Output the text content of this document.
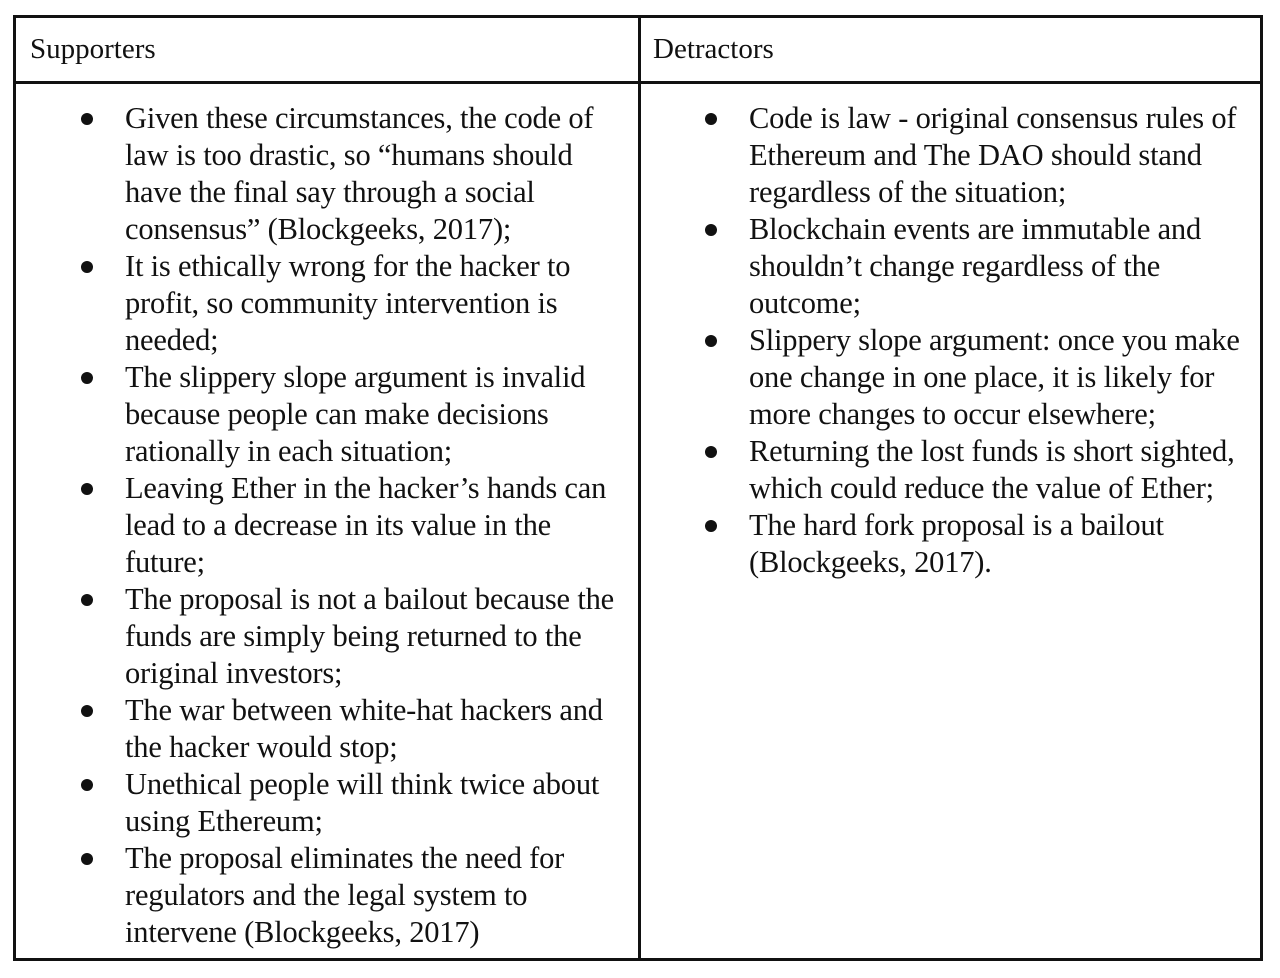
Supporters	Detractors
Given these circumstances, the code of law is too drastic, so “humans should have the final say through a social consensus” (Blockgeeks, 2017);
It is ethically wrong for the hacker to profit, so community intervention is needed;
The slippery slope argument is invalid because people can make decisions rationally in each situation;
Leaving Ether in the hacker’s hands can lead to a decrease in its value in the future;
The proposal is not a bailout because the funds are simply being returned to the original investors;
The war between white-hat hackers and the hacker would stop;
Unethical people will think twice about using Ethereum;
The proposal eliminates the need for regulators and the legal system to intervene (Blockgeeks, 2017)
Code is law - original consensus rules of Ethereum and The DAO should stand regardless of the situation;
Blockchain events are immutable and shouldn’t change regardless of the outcome;
Slippery slope argument: once you make one change in one place, it is likely for more changes to occur elsewhere;
Returning the lost funds is short sighted, which could reduce the value of Ether;
The hard fork proposal is a bailout (Blockgeeks, 2017).
